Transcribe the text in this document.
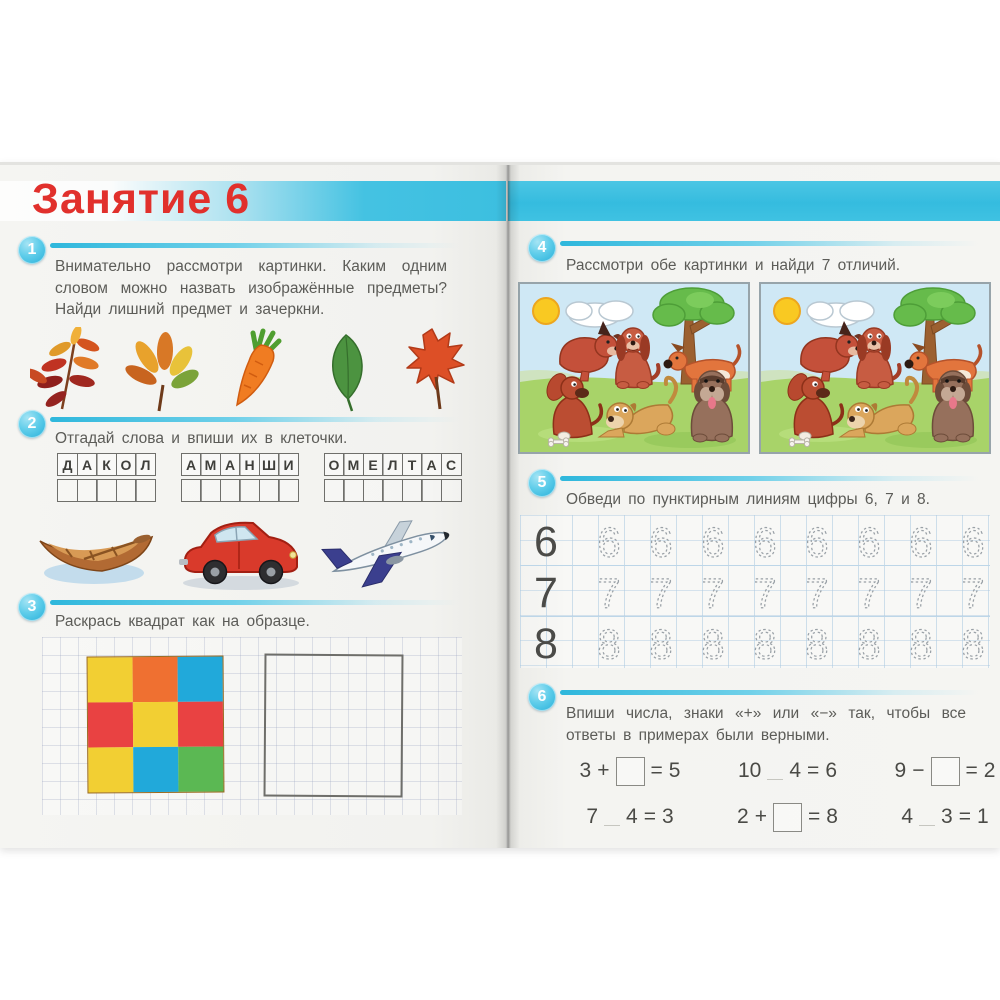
Занятие 6
1
Внимательно рассмотри картинки. Каким одним словом можно назвать изображённые предметы? Найди лишний предмет и зачеркни.
2
Отгадай слова и впиши их в клеточки.
Д А К О Л	А М А Н Ш И	О М Е Л Т А С
3
Раскрась квадрат как на образце.
4
Рассмотри обе картинки и найди 7 отличий.
5
Обведи по пунктирным линиям цифры 6, 7 и 8.
6 6 6 6 6 6 6 6 6
7 7 7 7 7 7 7 7 7
8 8 8 8 8 8 8 8 8
6
Впиши числа, знаки «+» или «−» так, чтобы все ответы в примерах были верными.
3 + = 5	10 4 = 6	9 − = 2
7 4 = 3	2 + = 8	4 3 = 1
